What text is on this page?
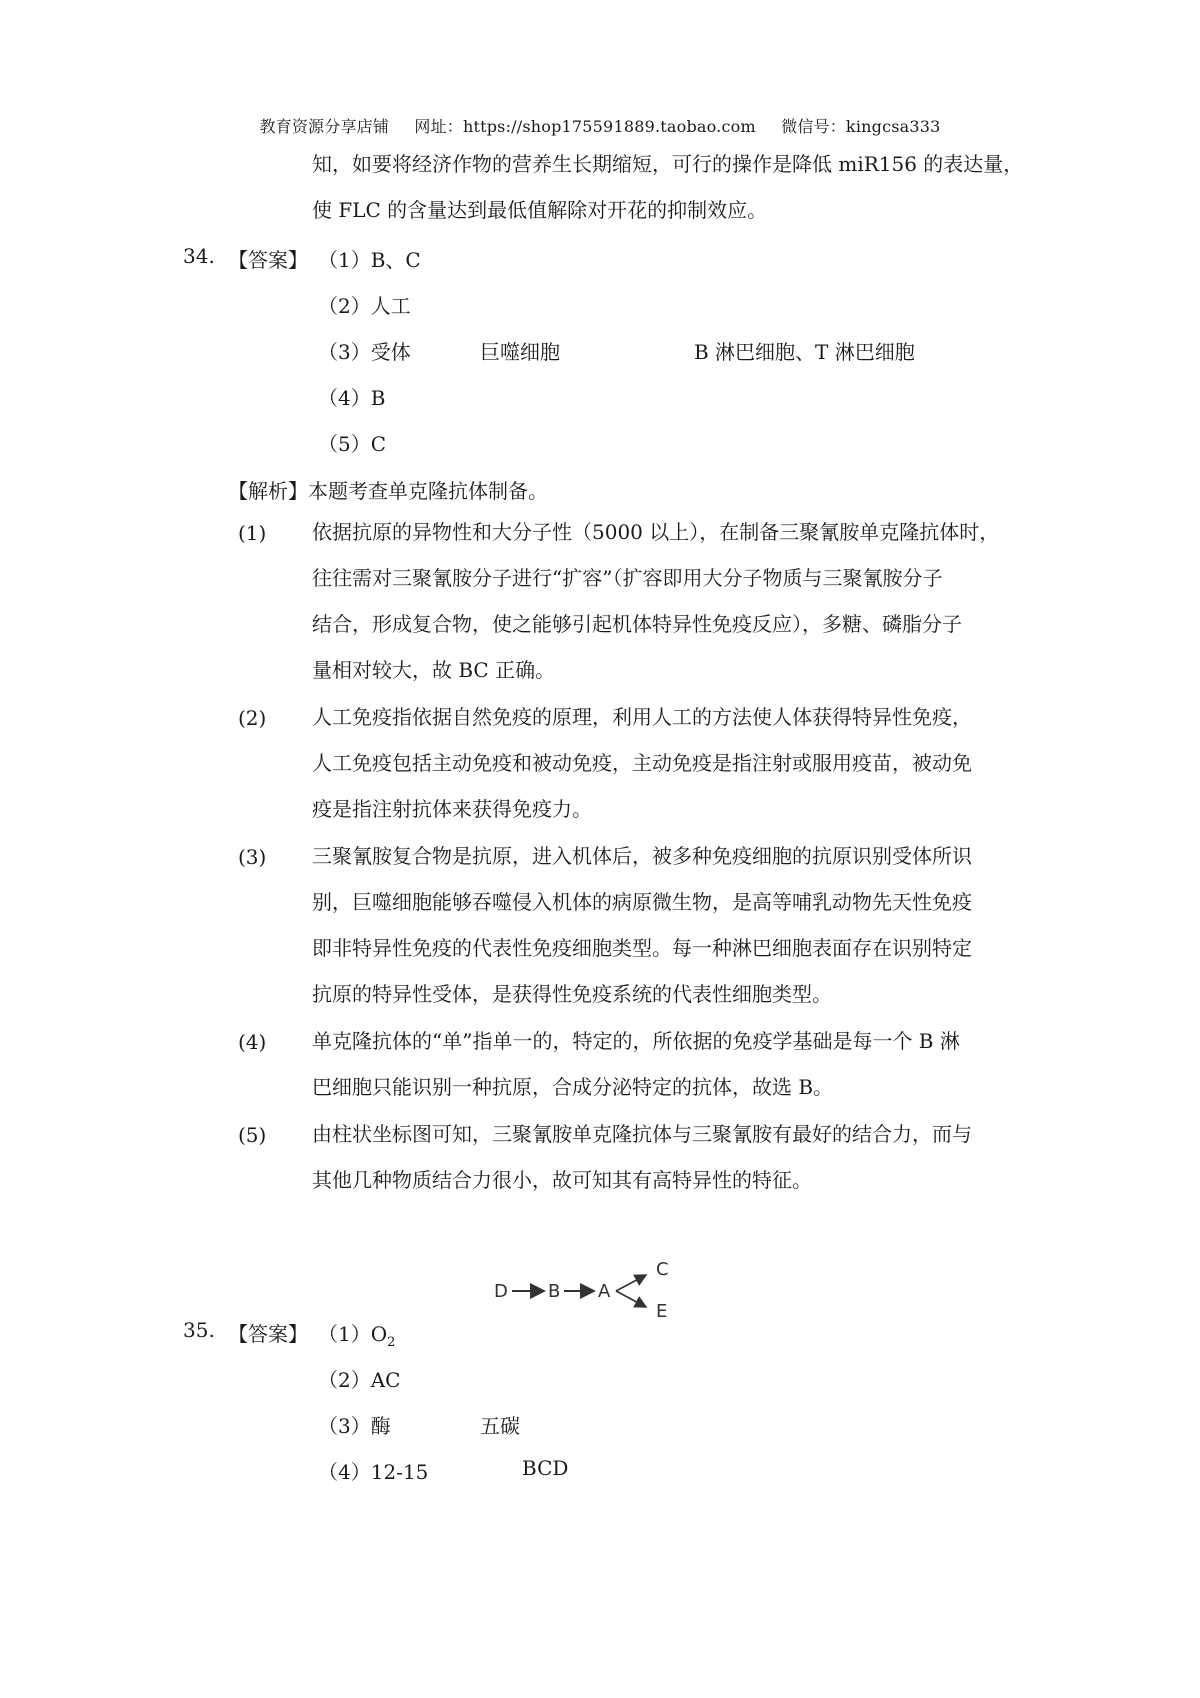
教育资源分享店铺 网址：https://shop175591889.taobao.com 微信号：kingcsa333
知，如要将经济作物的营养生长期缩短，可行的操作是降低 miR156 的表达量，
使 FLC 的含量达到最低值解除对开花的抑制效应。
34. 【答案】 （1）B、C
（2）人工
（3）受体	巨噬细胞	B 淋巴细胞、T 淋巴细胞
（4）B
（5）C
【解析】本题考查单克隆抗体制备。
(1) 依据抗原的异物性和大分子性（5000 以上），在制备三聚氰胺单克隆抗体时，
往往需对三聚氰胺分子进行“扩容”（扩容即用大分子物质与三聚氰胺分子
结合，形成复合物，使之能够引起机体特异性免疫反应），多糖、磷脂分子
量相对较大，故 BC 正确。
(2) 人工免疫指依据自然免疫的原理，利用人工的方法使人体获得特异性免疫，
人工免疫包括主动免疫和被动免疫，主动免疫是指注射或服用疫苗，被动免
疫是指注射抗体来获得免疫力。
(3) 三聚氰胺复合物是抗原，进入机体后，被多种免疫细胞的抗原识别受体所识
别，巨噬细胞能够吞噬侵入机体的病原微生物，是高等哺乳动物先天性免疫
即非特异性免疫的代表性免疫细胞类型。每一种淋巴细胞表面存在识别特定
抗原的特异性受体，是获得性免疫系统的代表性细胞类型。
(4) 单克隆抗体的“单”指单一的，特定的，所依据的免疫学基础是每一个 B 淋
巴细胞只能识别一种抗原，合成分泌特定的抗体，故选 B。
(5) 由柱状坐标图可知，三聚氰胺单克隆抗体与三聚氰胺有最好的结合力，而与
其他几种物质结合力很小，故可知其有高特异性的特征。
D B A
C
E
35. 【答案】 $(1)O_2$
（2）AC
（3）酶	五碳
（4）12-15	BCD
